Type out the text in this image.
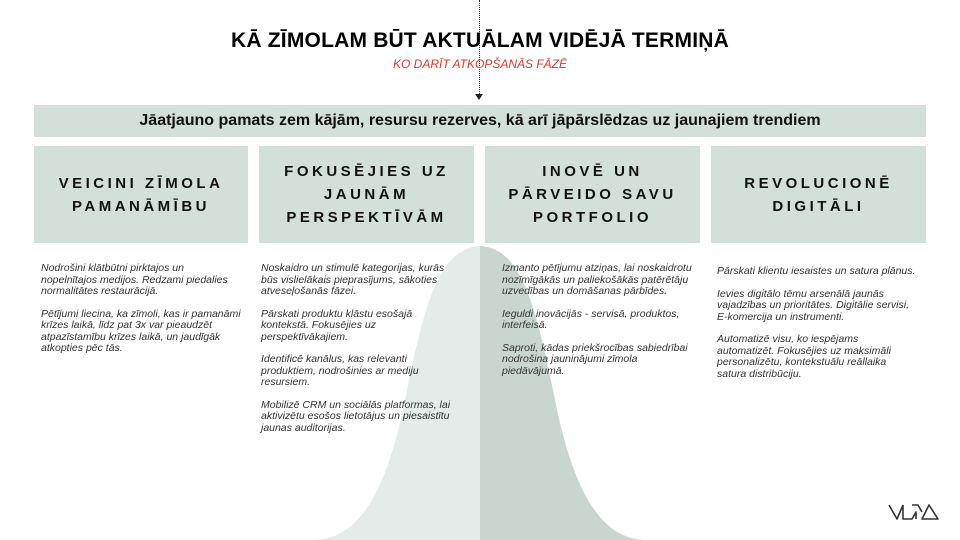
KĀ ZĪMOLAM BŪT AKTUĀLAM VIDĒJĀ TERMIŅĀ
KO DARĪT ATKOPŠANĀS FĀZĒ
Jāatjauno pamats zem kājām, resursu rezerves, kā arī jāpārslēdzas uz jaunajiem trendiem
VEICINI ZĪMOLA
PAMANĀMĪBU

Nodrošini klātbūtni pirktajos un nopelnītajos medijos. Redzami piedalies normalitātes restaurācijā.

Pētījumi liecina, ka zīmoli, kas ir pamanāmi krīzes laikā, līdz pat 3x var pieaudzēt atpazīstamību krīzes laikā, un jaudīgāk atkopties pēc tās.

FOKUSĒJIES UZ
JAUNĀM
PERSPEKTĪVĀM

Noskaidro un stimulē kategorijas, kurās būs vislielākais pieprasījums, sākoties atveseļošanās fāzei.

Pārskati produktu klāstu esošajā kontekstā. Fokusējies uz perspektīvākajiem.

Identificē kanālus, kas relevanti produktiem, nodrošinies ar mediju resursiem.

Mobilizē CRM un sociālās platformas, lai aktivizētu esošos lietotājus un piesaistītu jaunas auditorijas.

INOVĒ UN
PĀRVEIDO SAVU
PORTFOLIO

Izmanto pētījumu atziņas, lai noskaidrotu nozīmīgākās un paliekošākās patērētāju uzvedības un domāšanas pārbīdes.

Ieguldi inovācijās - servisā, produktos, interfeisā.

Saproti, kādas priekšrocības sabiedrībai nodrošina jauninājumi zīmola piedāvājumā.

REVOLUCIONĒ
DIGITĀLI

Pārskati klientu iesaistes un satura plānus.

Ievies digitālo tēmu arsenālā jaunās vajadzības un prioritātes. Digitālie servisi, E-komercija un instrumenti.

Automatizē visu, ko iespējams automatizēt. Fokusējies uz maksimāli personalizētu, kontekstuālu reāllaika satura distribūciju.
